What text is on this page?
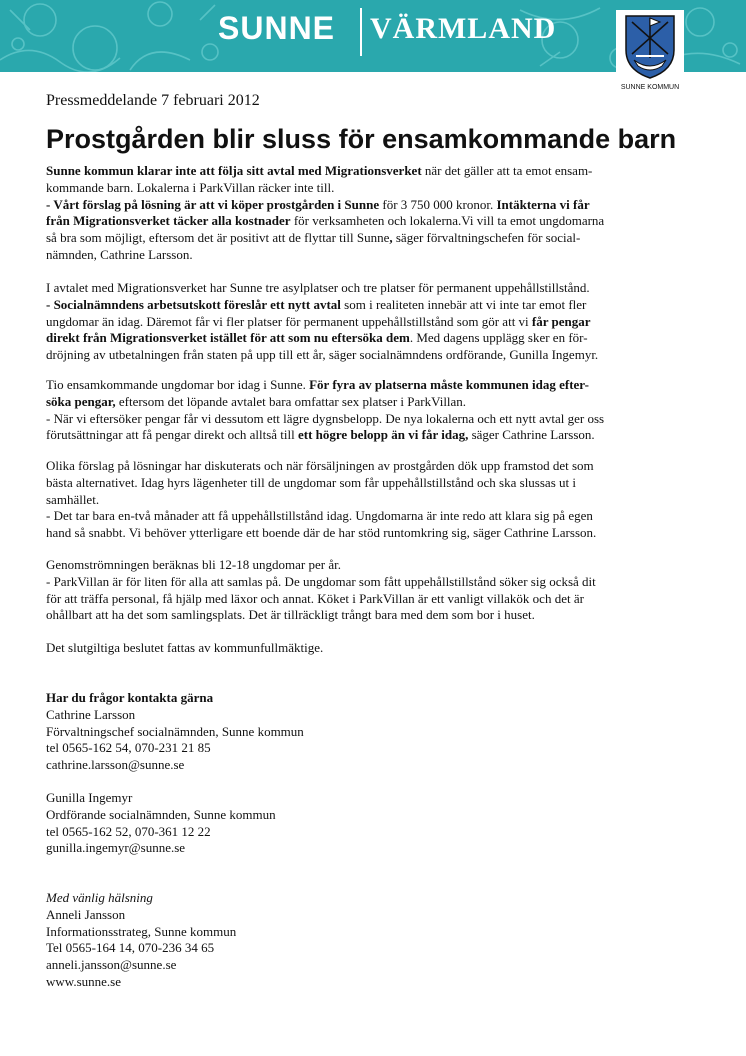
SUNNE VÄRMLAND
SUNNE KOMMUN
Pressmeddelande 7 februari 2012
Prostgården blir sluss för ensamkommande barn
Sunne kommun klarar inte att följa sitt avtal med Migrationsverket när det gäller att ta emot ensam-
kommande barn. Lokalerna i ParkVillan räcker inte till.
- Vårt förslag på lösning är att vi köper prostgården i Sunne för 3 750 000 kronor. Intäkterna vi får
från Migrationsverket täcker alla kostnader för verksamheten och lokalerna.Vi vill ta emot ungdomarna
så bra som möjligt, eftersom det är positivt att de flyttar till Sunne, säger förvaltningschefen för social-
nämnden, Cathrine Larsson.
I avtalet med Migrationsverket har Sunne tre asylplatser och tre platser för permanent uppehållstillstånd.
- Socialnämndens arbetsutskott föreslår ett nytt avtal som i realiteten innebär att vi inte tar emot fler
ungdomar än idag. Däremot får vi fler platser för permanent uppehållstillstånd som gör att vi får pengar
direkt från Migrationsverket istället för att som nu eftersöka dem. Med dagens upplägg sker en för-
dröjning av utbetalningen från staten på upp till ett år, säger socialnämndens ordförande, Gunilla Ingemyr.
Tio ensamkommande ungdomar bor idag i Sunne. För fyra av platserna måste kommunen idag efter-
söka pengar, eftersom det löpande avtalet bara omfattar sex platser i ParkVillan.
- När vi eftersöker pengar får vi dessutom ett lägre dygnsbelopp. De nya lokalerna och ett nytt avtal ger oss
förutsättningar att få pengar direkt och alltså till ett högre belopp än vi får idag, säger Cathrine Larsson.
Olika förslag på lösningar har diskuterats och när försäljningen av prostgården dök upp framstod det som
bästa alternativet. Idag hyrs lägenheter till de ungdomar som får uppehållstillstånd och ska slussas ut i
samhället.
- Det tar bara en-två månader att få uppehållstillstånd idag. Ungdomarna är inte redo att klara sig på egen
hand så snabbt. Vi behöver ytterligare ett boende där de har stöd runtomkring sig, säger Cathrine Larsson.
Genomströmningen beräknas bli 12-18 ungdomar per år.
- ParkVillan är för liten för alla att samlas på. De ungdomar som fått uppehållstillstånd söker sig också dit
för att träffa personal, få hjälp med läxor och annat. Köket i ParkVillan är ett vanligt villakök och det är
ohållbart att ha det som samlingsplats. Det är tillräckligt trångt bara med dem som bor i huset.
Det slutgiltiga beslutet fattas av kommunfullmäktige.
Har du frågor kontakta gärna
Cathrine Larsson
Förvaltningschef socialnämnden, Sunne kommun
tel 0565-162 54, 070-231 21 85
cathrine.larsson@sunne.se
Gunilla Ingemyr
Ordförande socialnämnden, Sunne kommun
tel 0565-162 52, 070-361 12 22
gunilla.ingemyr@sunne.se
Med vänlig hälsning
Anneli Jansson
Informationsstrateg, Sunne kommun
Tel 0565-164 14, 070-236 34 65
anneli.jansson@sunne.se
www.sunne.se
